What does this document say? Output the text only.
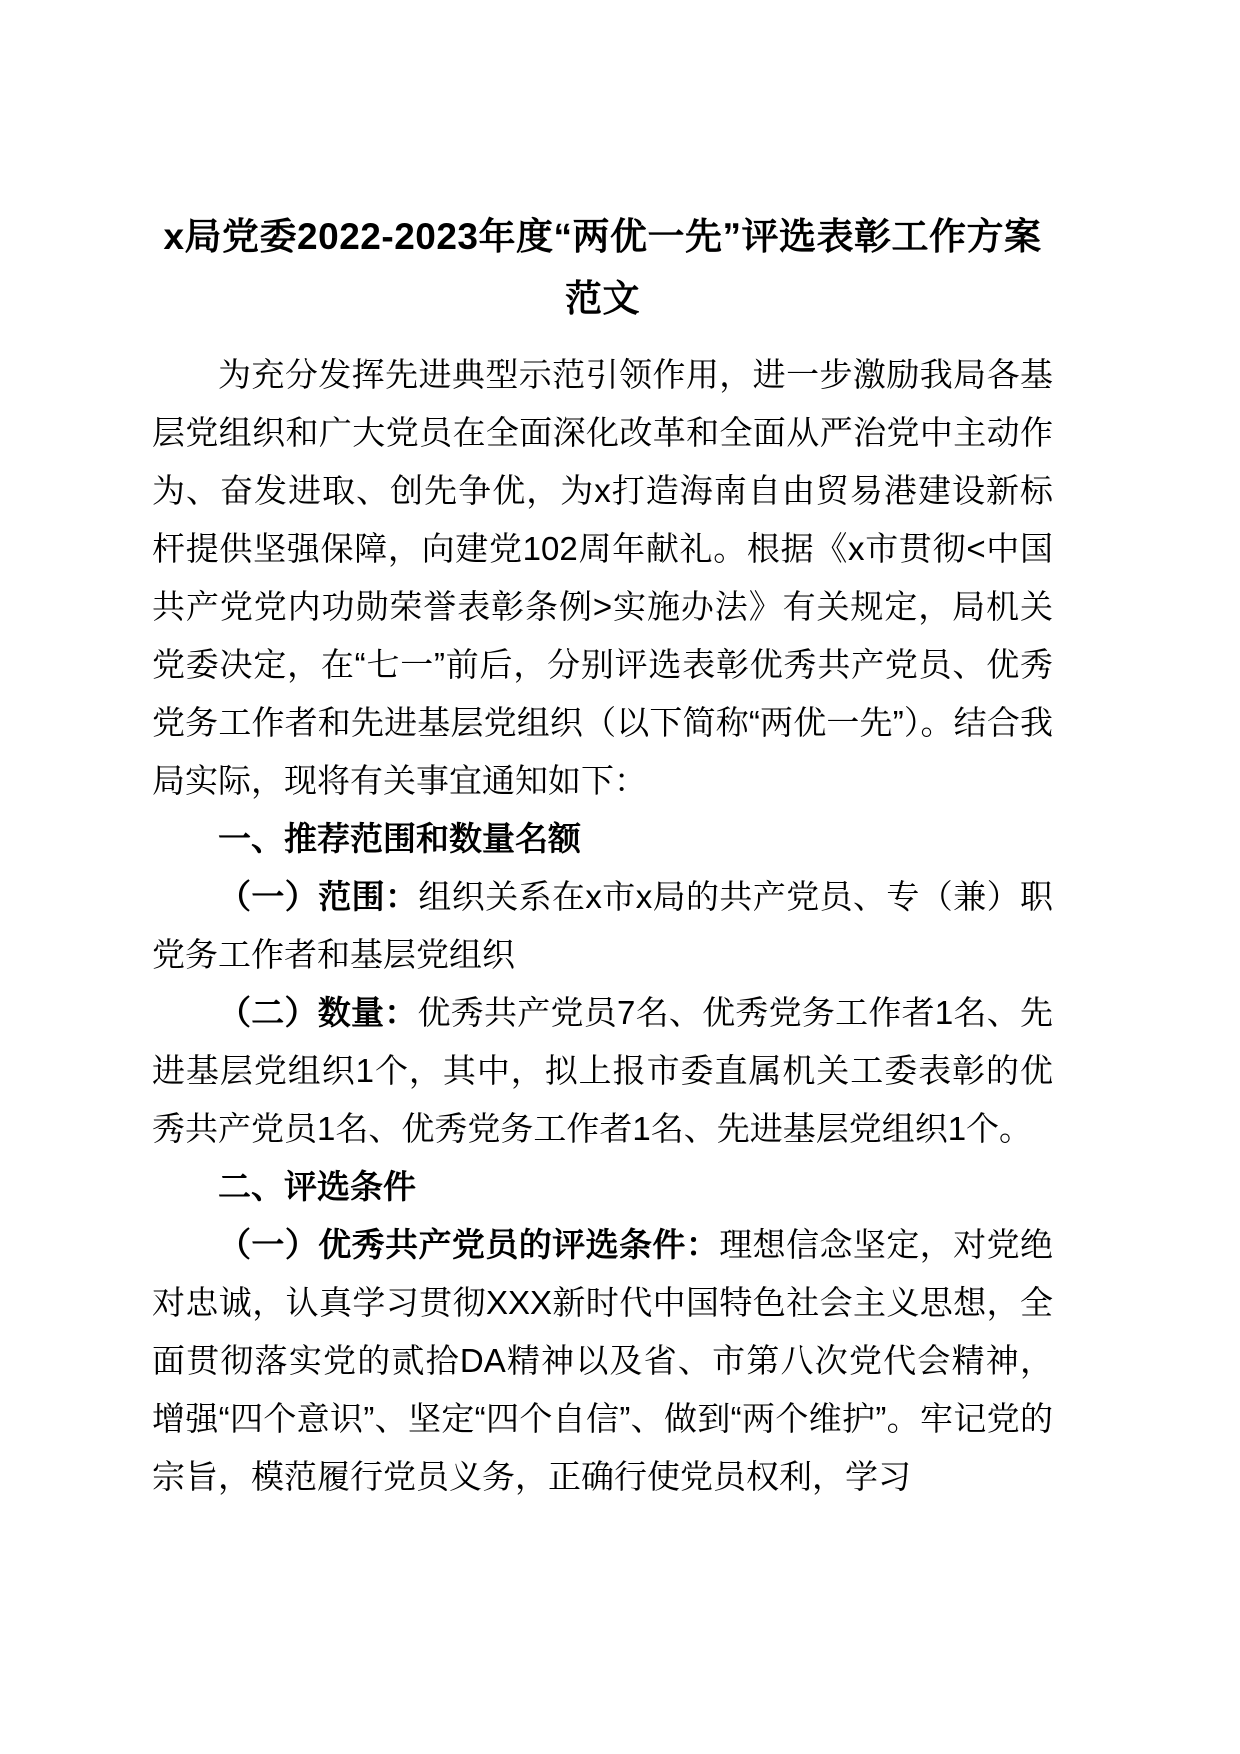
x局党委2022-2023年度“两优一先”评选表彰工作方案范文

为充分发挥先进典型示范引领作用，进一步激励我局各基层党组织和广大党员在全面深化改革和全面从严治党中主动作为、奋发进取、创先争优，为x打造海南自由贸易港建设新标杆提供坚强保障，向建党102周年献礼。根据《x市贯彻<中国共产党党内功勋荣誉表彰条例>实施办法》有关规定，局机关党委决定，在“七一”前后，分别评选表彰优秀共产党员、优秀党务工作者和先进基层党组织（以下简称“两优一先”）。结合我局实际，现将有关事宜通知如下：

一、推荐范围和数量名额

（一）范围：组织关系在x市x局的共产党员、专（兼）职党务工作者和基层党组织

（二）数量：优秀共产党员7名、优秀党务工作者1名、先进基层党组织1个，其中，拟上报市委直属机关工委表彰的优秀共产党员1名、优秀党务工作者1名、先进基层党组织1个。

二、评选条件

（一）优秀共产党员的评选条件：理想信念坚定，对党绝对忠诚，认真学习贯彻XXX新时代中国特色社会主义思想，全面贯彻落实党的贰拾DA精神以及省、市第八次党代会精神，增强“四个意识”、坚定“四个自信”、做到“两个维护”。牢记党的宗旨，模范履行党员义务，正确行使党员权利，学习
